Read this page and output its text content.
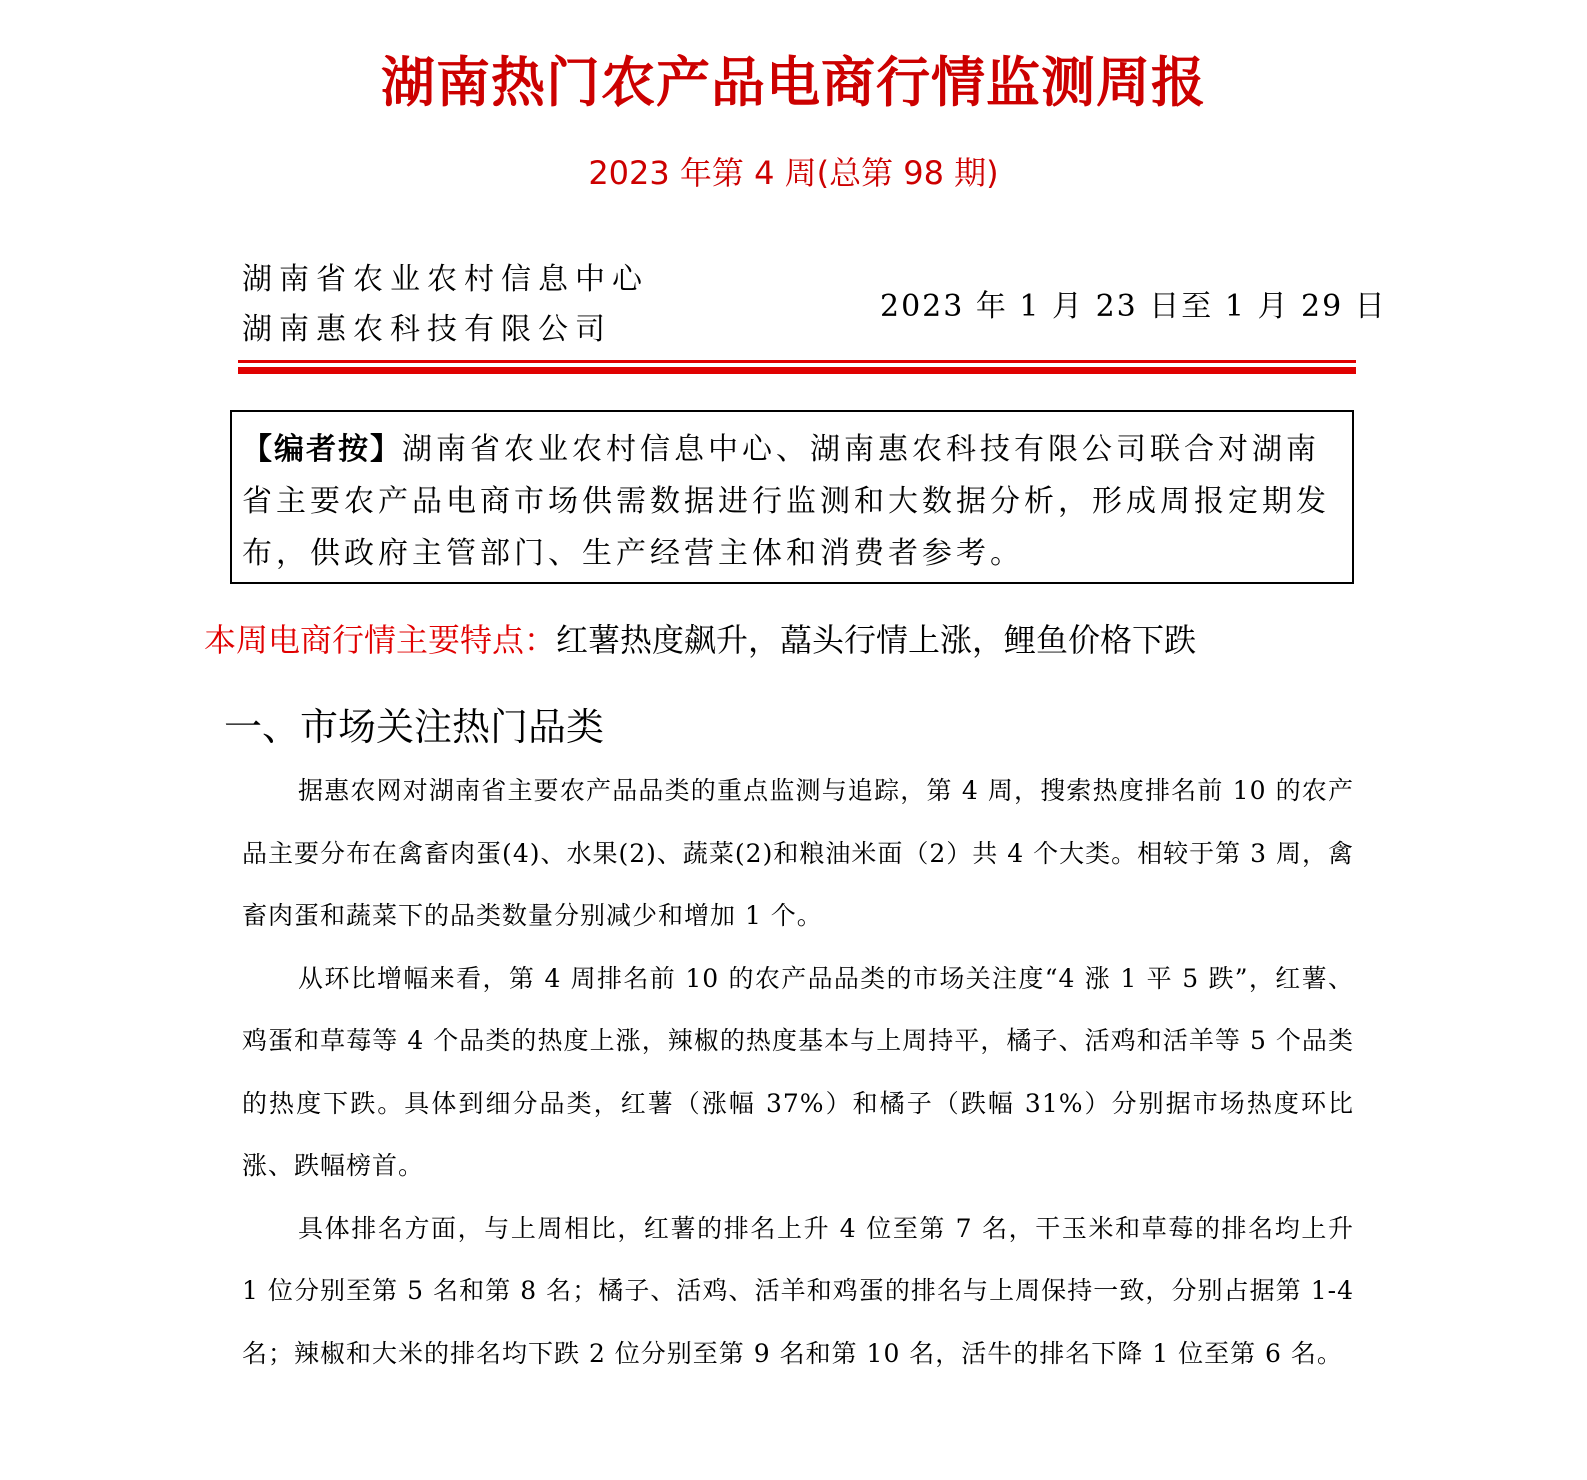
湖南热门农产品电商行情监测周报
2023 年第 4 周(总第 98 期)
湖南省农业农村信息中心
湖南惠农科技有限公司
2023 年 1 月 23 日至 1 月 29 日
【编者按】湖南省农业农村信息中心、湖南惠农科技有限公司联合对湖南省主要农产品电商市场供需数据进行监测和大数据分析，形成周报定期发布，供政府主管部门、生产经营主体和消费者参考。
本周电商行情主要特点：红薯热度飙升，藠头行情上涨，鲤鱼价格下跌
一、市场关注热门品类

据惠农网对湖南省主要农产品品类的重点监测与追踪，第 4 周，搜索热度排名前 10 的农产品主要分布在禽畜肉蛋(4)、水果(2)、蔬菜(2)和粮油米面（2）共 4 个大类。相较于第 3 周，禽畜肉蛋和蔬菜下的品类数量分别减少和增加 1 个。

从环比增幅来看，第 4 周排名前 10 的农产品品类的市场关注度“4 涨 1 平 5 跌”，红薯、鸡蛋和草莓等 4 个品类的热度上涨，辣椒的热度基本与上周持平，橘子、活鸡和活羊等 5 个品类的热度下跌。具体到细分品类，红薯（涨幅 37%）和橘子（跌幅 31%）分别据市场热度环比涨、跌幅榜首。

具体排名方面，与上周相比，红薯的排名上升 4 位至第 7 名，干玉米和草莓的排名均上升 1 位分别至第 5 名和第 8 名；橘子、活鸡、活羊和鸡蛋的排名与上周保持一致，分别占据第 1-4 名；辣椒和大米的排名均下跌 2 位分别至第 9 名和第 10 名，活牛的排名下降 1 位至第 6 名。
